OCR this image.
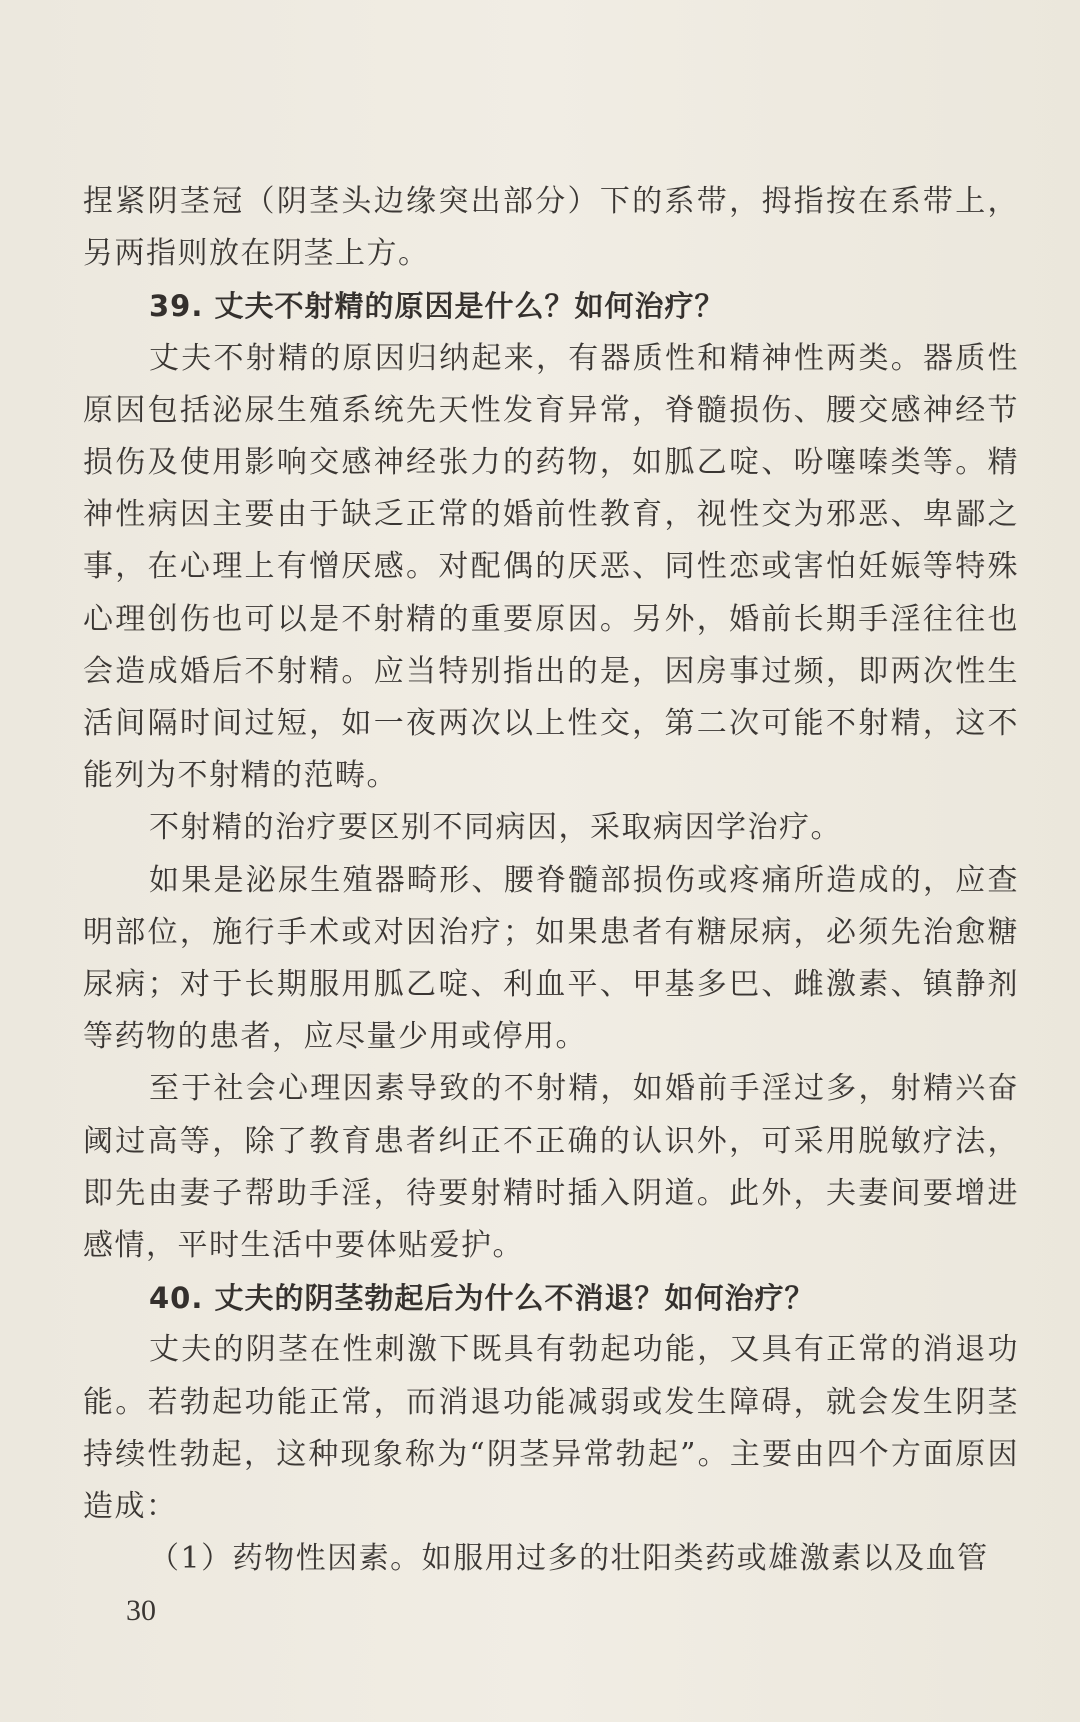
捏紧阴茎冠（阴茎头边缘突出部分）下的系带，拇指按在系带上，另两指则放在阴茎上方。

39. 丈夫不射精的原因是什么？如何治疗？

丈夫不射精的原因归纳起来，有器质性和精神性两类。器质性原因包括泌尿生殖系统先天性发育异常，脊髓损伤、腰交感神经节损伤及使用影响交感神经张力的药物，如胍乙啶、吩噻嗪类等。精神性病因主要由于缺乏正常的婚前性教育，视性交为邪恶、卑鄙之事，在心理上有憎厌感。对配偶的厌恶、同性恋或害怕妊娠等特殊心理创伤也可以是不射精的重要原因。另外，婚前长期手淫往往也会造成婚后不射精。应当特别指出的是，因房事过频，即两次性生活间隔时间过短，如一夜两次以上性交，第二次可能不射精，这不能列为不射精的范畴。

不射精的治疗要区别不同病因，采取病因学治疗。

如果是泌尿生殖器畸形、腰脊髓部损伤或疼痛所造成的，应查明部位，施行手术或对因治疗；如果患者有糖尿病，必须先治愈糖尿病；对于长期服用胍乙啶、利血平、甲基多巴、雌激素、镇静剂等药物的患者，应尽量少用或停用。

至于社会心理因素导致的不射精，如婚前手淫过多，射精兴奋阈过高等，除了教育患者纠正不正确的认识外，可采用脱敏疗法，即先由妻子帮助手淫，待要射精时插入阴道。此外，夫妻间要增进感情，平时生活中要体贴爱护。

40. 丈夫的阴茎勃起后为什么不消退？如何治疗？

丈夫的阴茎在性刺激下既具有勃起功能，又具有正常的消退功能。若勃起功能正常，而消退功能减弱或发生障碍，就会发生阴茎持续性勃起，这种现象称为“阴茎异常勃起”。主要由四个方面原因造成：

（1）药物性因素。如服用过多的壮阳类药或雄激素以及血管

30
